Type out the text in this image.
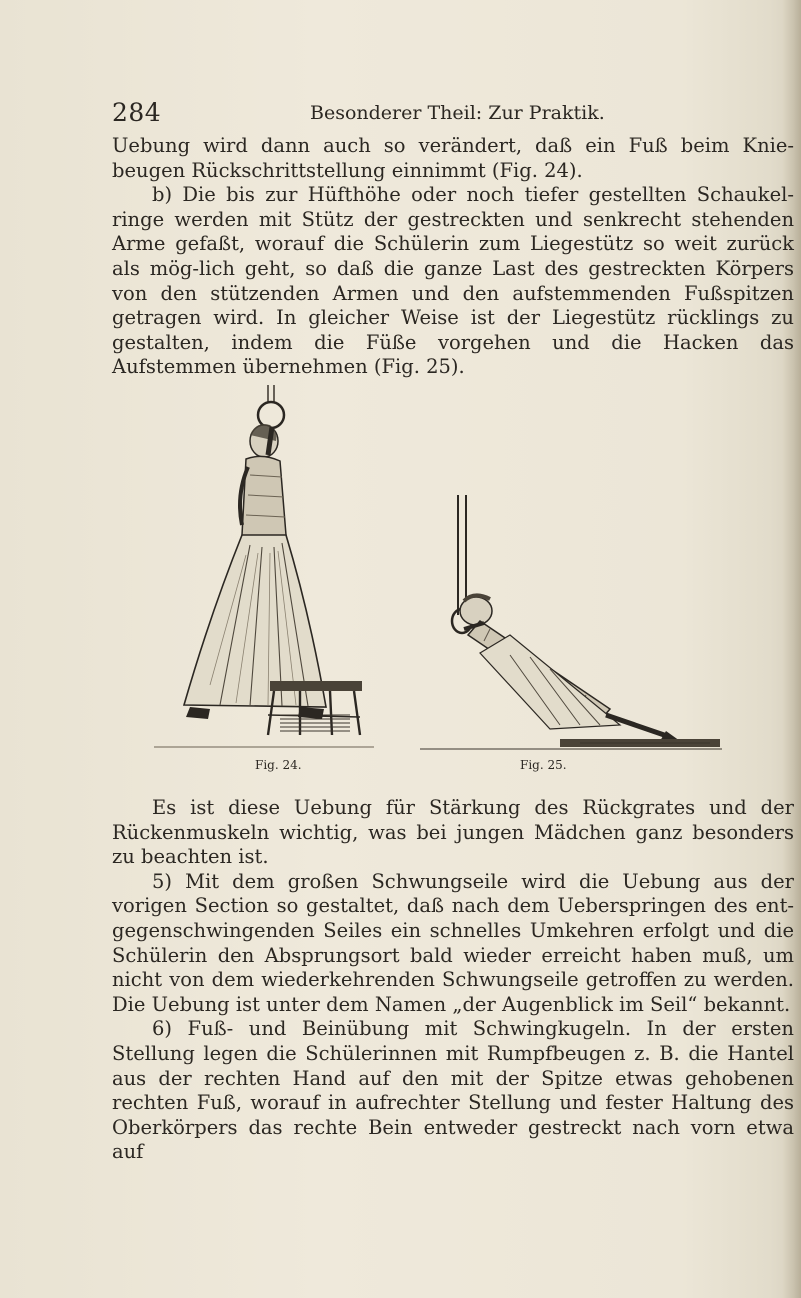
284	Besonderer Theil: Zur Praktik.

Uebung wird dann auch so verändert, daß ein Fuß beim Knie-beugen Rückschrittstellung einnimmt (Fig. 24).

b) Die bis zur Hüfthöhe oder noch tiefer gestellten Schaukel-ringe werden mit Stütz der gestreckten und senkrecht stehenden Arme gefaßt, worauf die Schülerin zum Liegestütz so weit zurück als mög-lich geht, so daß die ganze Last des gestreckten Körpers von den stützenden Armen und den aufstemmenden Fußspitzen getragen wird. In gleicher Weise ist der Liegestütz rücklings zu gestalten, indem die Füße vorgehen und die Hacken das Aufstemmen übernehmen (Fig. 25).

Fig. 24.	Fig. 25.

Es ist diese Uebung für Stärkung des Rückgrates und der Rückenmuskeln wichtig, was bei jungen Mädchen ganz besonders zu beachten ist.

5) Mit dem großen Schwungseile wird die Uebung aus der vorigen Section so gestaltet, daß nach dem Ueberspringen des ent-gegenschwingenden Seiles ein schnelles Umkehren erfolgt und die Schülerin den Absprungsort bald wieder erreicht haben muß, um nicht von dem wiederkehrenden Schwungseile getroffen zu werden. Die Uebung ist unter dem Namen „der Augenblick im Seil“ bekannt.

6) Fuß- und Beinübung mit Schwingkugeln. In der ersten Stellung legen die Schülerinnen mit Rumpfbeugen z. B. die Hantel aus der rechten Hand auf den mit der Spitze etwas gehobenen rechten Fuß, worauf in aufrechter Stellung und fester Haltung des Oberkörpers das rechte Bein entweder gestreckt nach vorn etwa auf
